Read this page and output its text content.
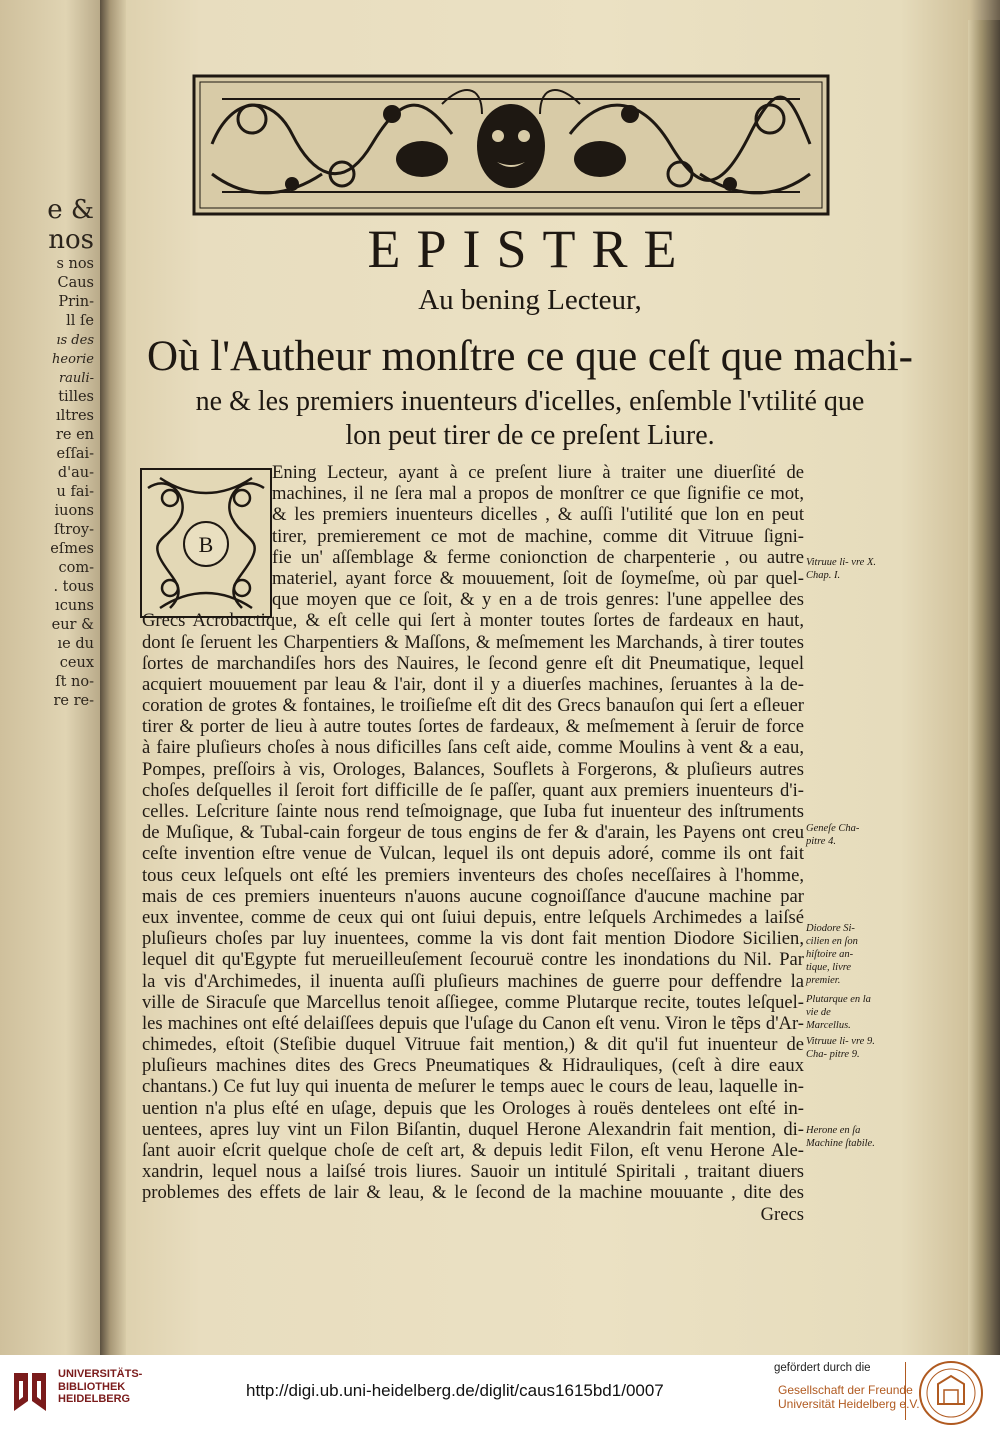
e &
nos
s nos
Caus
Prin-
ll ſe
ıs des
heorie
rauli-
tilles
ıltres
re en
eſſai-
d'au-
u fai-
iuons
ſtroy-
eſmes
com-
. tous
ıcuns
eur &
ıe du
ceux
ſt no-
re re-
EPISTRE
Au bening Lecteur,
Où l'Autheur monſtre ce que ceſt que machi-
ne & les premiers inuenteurs d'icelles, enſemble l'vtilité que
lon peut tirer de ce preſent Liure.
B
Ening Lecteur, ayant à ce preſent liure à traiter une diuerſité de
machines, il ne ſera mal a propos de monſtrer ce que ſignifie ce mot,
& les premiers inuenteurs dicelles , & auſſi l'utilité que lon en peut
tirer, premierement ce mot de machine, comme dit Vitruue ſigni-
fie un' aſſemblage & ferme conionction de charpenterie , ou autre
materiel, ayant force & mouuement, ſoit de ſoymeſme, où par quel-
que moyen que ce ſoit, & y en a de trois genres: l'une appellee des
Grecs Acrobactique, & eſt celle qui ſert à monter toutes ſortes de fardeaux en haut,
dont ſe ſeruent les Charpentiers & Maſſons, & meſmement les Marchands, à tirer toutes
ſortes de marchandiſes hors des Nauires, le ſecond genre eſt dit Pneumatique, lequel
acquiert mouuement par leau & l'air, dont il y a diuerſes machines, ſeruantes à la de-
coration de grotes & fontaines, le troiſieſme eſt dit des Grecs banauſon qui ſert a eſleuer
tirer & porter de lieu à autre toutes ſortes de fardeaux, & meſmement à ſeruir de force
à faire pluſieurs choſes à nous dificilles ſans ceſt aide, comme Moulins à vent & a eau,
Pompes, preſſoirs à vis, Orologes, Balances, Souflets à Forgerons, & pluſieurs autres
choſes deſquelles il ſeroit fort difficille de ſe paſſer, quant aux premiers inuenteurs d'i-
celles. Leſcriture ſainte nous rend teſmoignage, que Iuba fut inuenteur des inſtruments
de Muſique, & Tubal-cain forgeur de tous engins de fer & d'arain, les Payens ont creu
ceſte invention eſtre venue de Vulcan, lequel ils ont depuis adoré, comme ils ont fait
tous ceux leſquels ont eſté les premiers inventeurs des choſes neceſſaires à l'homme,
mais de ces premiers inuenteurs n'auons aucune cognoiſſance d'aucune machine par
eux inventee, comme de ceux qui ont ſuiui depuis, entre leſquels Archimedes a laiſsé
pluſieurs choſes par luy inuentees, comme la vis dont fait mention Diodore Sicilien,
lequel dit qu'Egypte fut merueilleuſement ſecouruë contre les inondations du Nil. Par
la vis d'Archimedes, il inuenta auſſi pluſieurs machines de guerre pour deffendre la
ville de Siracuſe que Marcellus tenoit aſſiegee, comme Plutarque recite, toutes leſquel-
les machines ont eſté delaiſſees depuis que l'uſage du Canon eſt venu. Viron le tẽps d'Ar-
chimedes, eſtoit (Steſibie duquel Vitruue fait mention,) & dit qu'il fut inuenteur de
pluſieurs machines dites des Grecs Pneumatiques & Hidrauliques, (ceſt à dire eaux
chantans.) Ce fut luy qui inuenta de meſurer le temps auec le cours de leau, laquelle in-
uention n'a plus eſté en uſage, depuis que les Orologes à rouës dentelees ont eſté in-
uentees, apres luy vint un Filon Biſantin, duquel Herone Alexandrin fait mention, di-
ſant auoir eſcrit quelque choſe de ceſt art, & depuis ledit Filon, eſt venu Herone Ale-
xandrin, lequel nous a laiſsé trois liures. Sauoir un intitulé Spiritali , traitant diuers
problemes des effets de lair & leau, & le ſecond de la machine mouuante , dite des
Grecs
Vitruue li- vre X. Chap. I.
Geneſe Cha- pitre 4.
Diodore Si- cilien en ſon hiſtoire an- tique, livre premier.
Plutarque en la vie de Marcellus.
Vitruue li- vre 9. Cha- pitre 9.
Herone en ſa Machine ſtabile.
UNIVERSITÄTS-
BIBLIOTHEK
HEIDELBERG	http://digi.ub.uni-heidelberg.de/diglit/caus1615bd1/0007
gefördert durch die
Gesellschaft der Freunde
Universität Heidelberg e.V.
